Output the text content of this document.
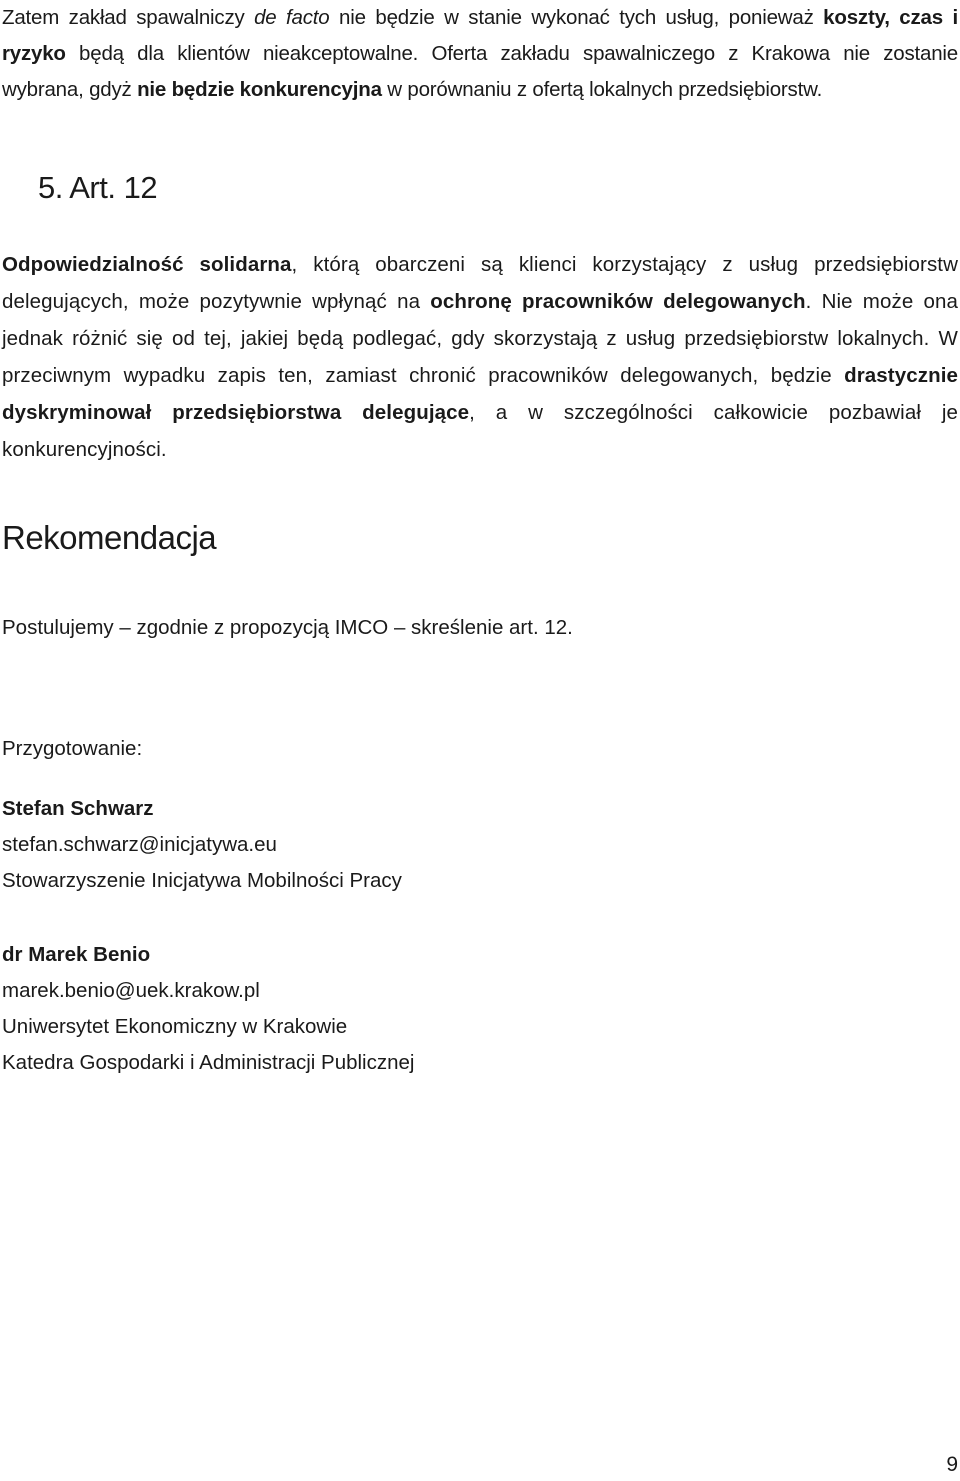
Zatem zakład spawalniczy de facto nie będzie w stanie wykonać tych usług, ponieważ koszty, czas i ryzyko będą dla klientów nieakceptowalne. Oferta zakładu spawalniczego z Krakowa nie zostanie wybrana, gdyż nie będzie konkurencyjna w porównaniu z ofertą lokalnych przedsiębiorstw.

5. Art. 12

Odpowiedzialność solidarna, którą obarczeni są klienci korzystający z usług przedsiębiorstw delegujących, może pozytywnie wpłynąć na ochronę pracowników delegowanych. Nie może ona jednak różnić się od tej, jakiej będą podlegać, gdy skorzystają z usług przedsiębiorstw lokalnych. W przeciwnym wypadku zapis ten, zamiast chronić pracowników delegowanych, będzie drastycznie dyskryminował przedsiębiorstwa delegujące, a w szczególności całkowicie pozbawiał je konkurencyjności.

Rekomendacja

Postulujemy – zgodnie z propozycją IMCO – skreślenie art. 12.

Przygotowanie:

Stefan Schwarz
stefan.schwarz@inicjatywa.eu
Stowarzyszenie Inicjatywa Mobilności Pracy
dr Marek Benio
marek.benio@uek.krakow.pl
Uniwersytet Ekonomiczny w Krakowie
Katedra Gospodarki i Administracji Publicznej
9
